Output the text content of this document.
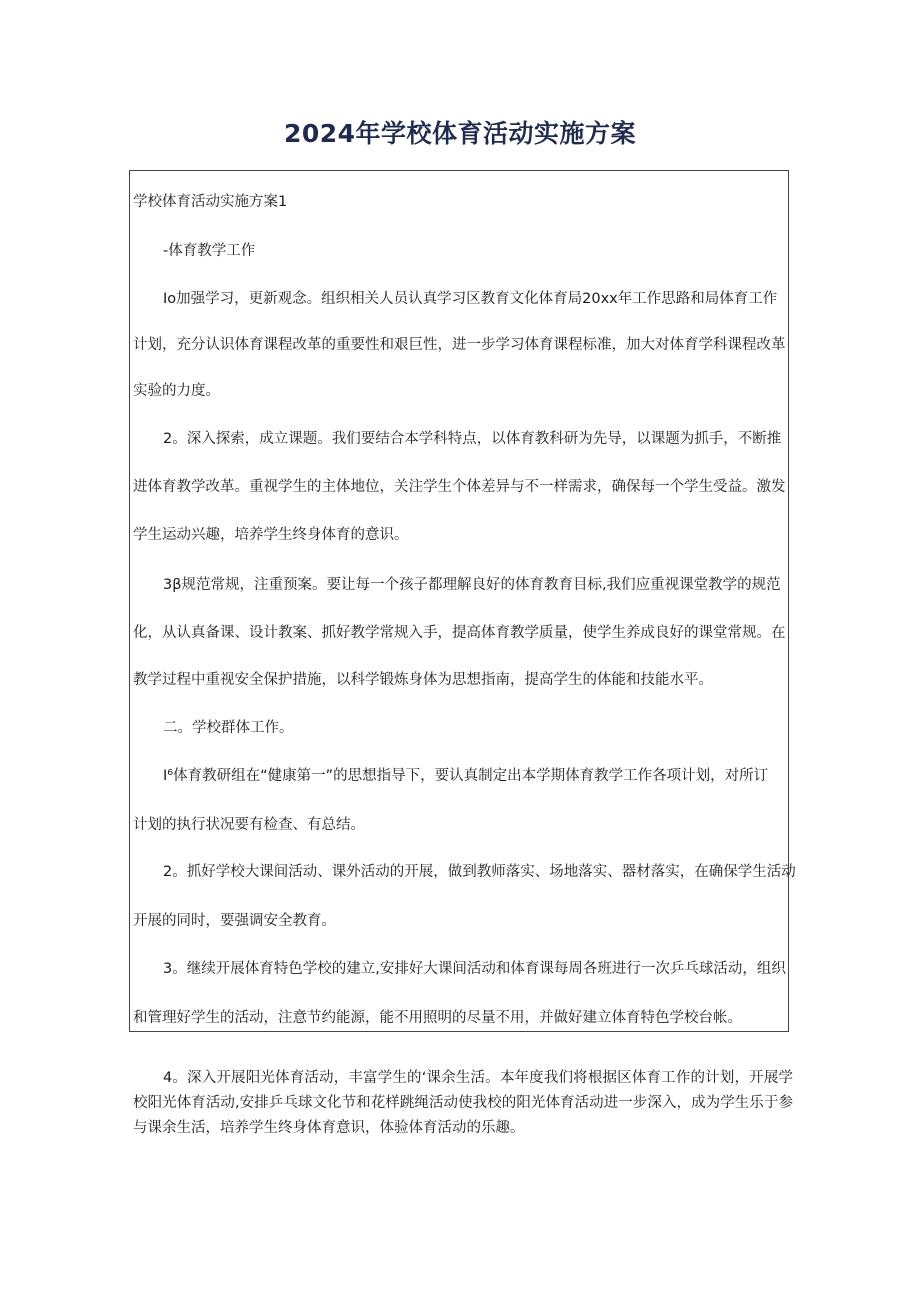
2024年学校体育活动实施方案

学校体育活动实施方案1

-体育教学工作

Io加强学习，更新观念。组织相关人员认真学习区教育文化体育局20xx年工作思路和局体育工作

计划，充分认识体育课程改革的重要性和艰巨性，进一步学习体育课程标准，加大对体育学科课程改革

实验的力度。

2。深入探索，成立课题。我们要结合本学科特点，以体育教科研为先导，以课题为抓手，不断推

进体育教学改革。重视学生的主体地位，关注学生个体差异与不一样需求，确保每一个学生受益。激发

学生运动兴趣，培养学生终身体育的意识。

3β规范常规，注重预案。要让每一个孩子都理解良好的体育教育目标,我们应重视课堂教学的规范

化，从认真备课、设计教案、抓好教学常规入手，提高体育教学质量，使学生养成良好的课堂常规。在

教学过程中重视安全保护措施，以科学锻炼身体为思想指南，提高学生的体能和技能水平。

二。学校群体工作。

I⁶体育教研组在“健康第一”的思想指导下，要认真制定出本学期体育教学工作各项计划，对所订

计划的执行状况要有检查、有总结。

2。抓好学校大课间活动、课外活动的开展，做到教师落实、场地落实、器材落实，在确保学生活动

开展的同时，要强调安全教育。

3。继续开展体育特色学校的建立,安排好大课间活动和体育课每周各班进行一次乒乓球活动，组织

和管理好学生的活动，注意节约能源，能不用照明的尽量不用，并做好建立体育特色学校台帐。

4。深入开展阳光体育活动，丰富学生的‘课余生活。本年度我们将根据区体育工作的计划，开展学校阳光体育活动,安排乒乓球文化节和花样跳绳活动使我校的阳光体育活动进一步深入，成为学生乐于参与课余生活，培养学生终身体育意识，体验体育活动的乐趣。
